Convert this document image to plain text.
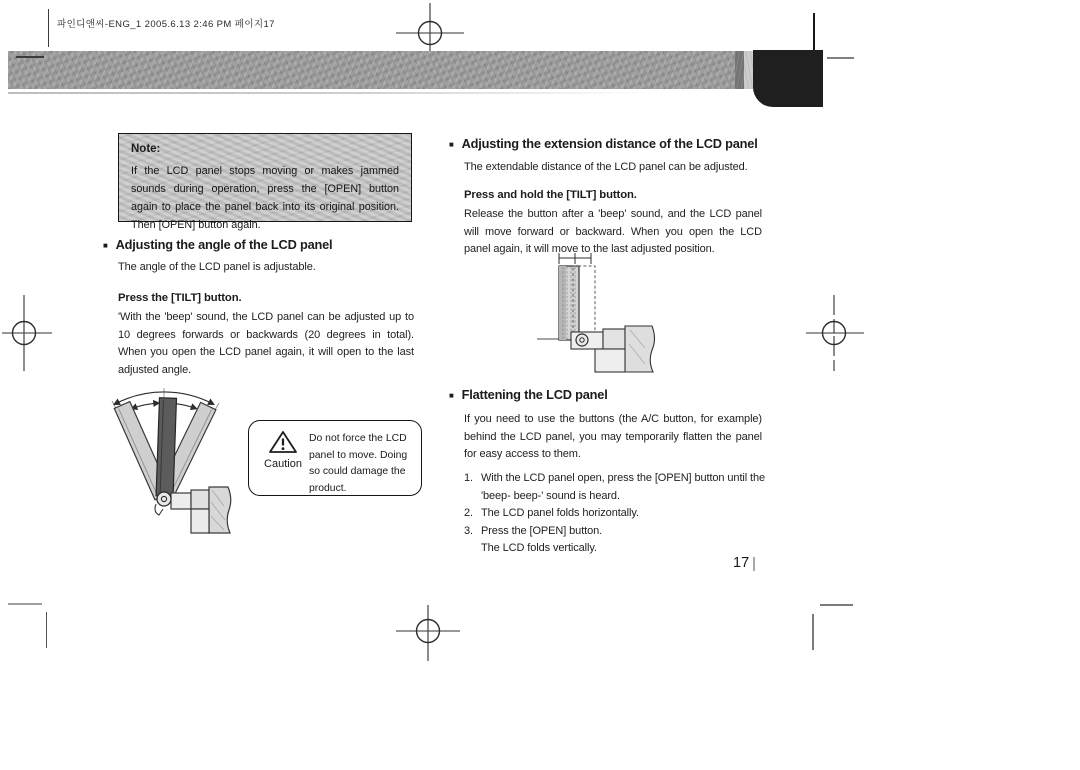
파인디앤씨-ENG_1 2005.6.13 2:46 PM 페이지17
Note:
If the LCD panel stops moving or makes jammed sounds during operation, press the [OPEN] button again to place the panel back into its original position. Then [OPEN] button again.
■ Adjusting the angle of the LCD panel
The angle of the LCD panel is adjustable.
Press the [TILT] button.
'With the 'beep' sound, the LCD panel can be adjusted up to 10 degrees forwards or backwards (20 degrees in total). When you open the LCD panel again, it will open to the last adjusted angle.
Caution
Do not force the LCD panel to move. Doing so could damage the product.
■ Adjusting the extension distance of the LCD panel
The extendable distance of the LCD panel can be adjusted.
Press and hold the [TILT] button.
Release the button after a 'beep' sound, and the LCD panel will move forward or backward. When you open the LCD panel again, it will move to the last adjusted position.
■ Flattening the LCD panel
If you need to use the buttons (the A/C button, for example) behind the LCD panel, you may temporarily flatten the panel for easy access to them.
1. With the LCD panel open, press the [OPEN] button until the 'beep- beep-' sound is heard.
2. The LCD panel folds horizontally.
3. Press the [OPEN] button.
The LCD folds vertically.
17
